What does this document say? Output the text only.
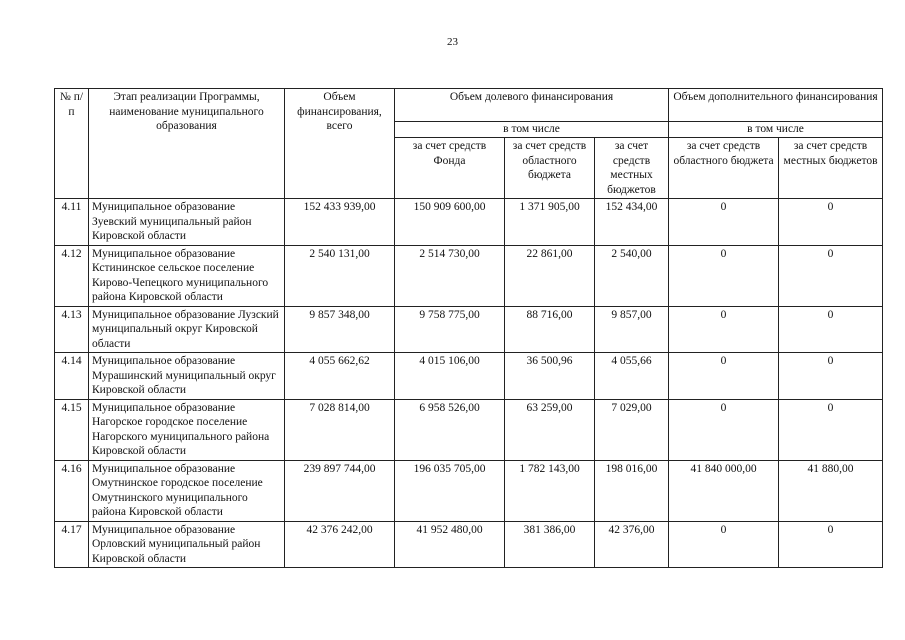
23
№ п/п	Этап реализации Программы, наименование муниципального образования	Объем финансирования, всего	Объем долевого финансирования			Объем дополнительного финансирования	
			в том числе			в том числе	
			за счет средств Фонда	за счет средств областного бюджета	за счет средств местных бюджетов	за счет средств областного бюджета	за счет средств местных бюджетов
4.11	Муниципальное образование Зуевский муниципальный район Кировской области	152 433 939,00	150 909 600,00	1 371 905,00	152 434,00	0	0
4.12	Муниципальное образование Кстининское сельское поселение Кирово-Чепецкого муниципального района Кировской области	2 540 131,00	2 514 730,00	22 861,00	2 540,00	0	0
4.13	Муниципальное образование Лузский муниципальный округ Кировской области	9 857 348,00	9 758 775,00	88 716,00	9 857,00	0	0
4.14	Муниципальное образование Мурашинский муниципальный округ Кировской области	4 055 662,62	4 015 106,00	36 500,96	4 055,66	0	0
4.15	Муниципальное образование Нагорское городское поселение Нагорского муниципального района Кировской области	7 028 814,00	6 958 526,00	63 259,00	7 029,00	0	0
4.16	Муниципальное образование Омутнинское городское поселение Омутнинского муниципального района Кировской области	239 897 744,00	196 035 705,00	1 782 143,00	198 016,00	41 840 000,00	41 880,00
4.17	Муниципальное образование Орловский муниципальный район Кировской области	42 376 242,00	41 952 480,00	381 386,00	42 376,00	0	0
